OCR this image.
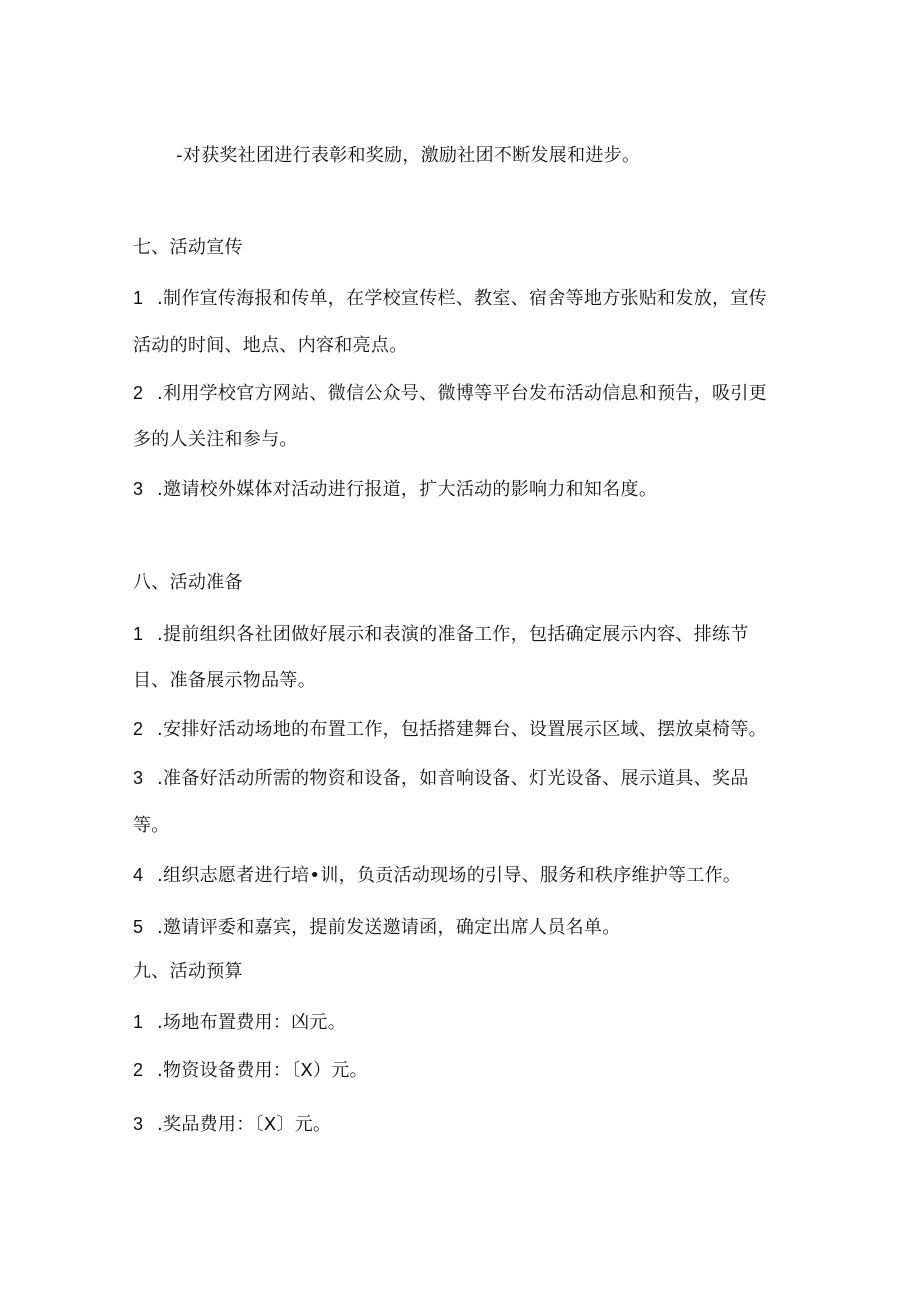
-对获奖社团进行表彰和奖励，激励社团不断发展和进步。
七、活动宣传
1 .制作宣传海报和传单，在学校宣传栏、教室、宿舍等地方张贴和发放，宣传
活动的时间、地点、内容和亮点。
2 .利用学校官方网站、微信公众号、微博等平台发布活动信息和预告，吸引更
多的人关注和参与。
3 .邀请校外媒体对活动进行报道，扩大活动的影响力和知名度。
八、活动准备
1 .提前组织各社团做好展示和表演的准备工作，包括确定展示内容、排练节
目、准备展示物品等。
2 .安排好活动场地的布置工作，包括搭建舞台、设置展示区域、摆放桌椅等。
3 .准备好活动所需的物资和设备，如音响设备、灯光设备、展示道具、奖品
等。
4 .组织志愿者进行培•训，负贡活动现场的引导、服务和秩序维护等工作。
5 .邀请评委和嘉宾，提前发送邀请函，确定出席人员名单。
九、活动预算
1 .场地布置费用：凶元。
2 .物资设备费用：〔X）元。
3 .奖品费用：〔X〕元。
